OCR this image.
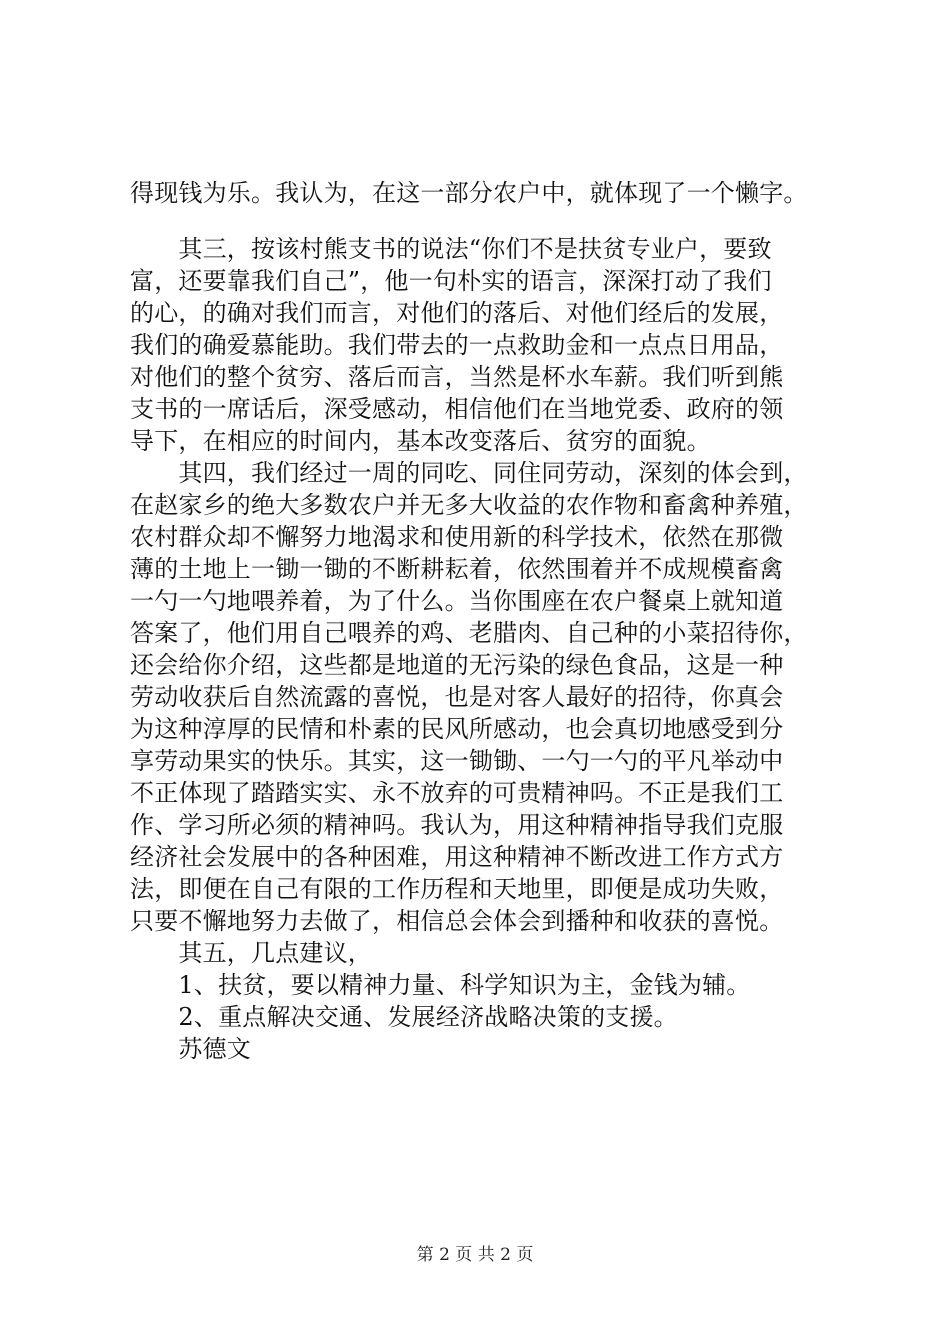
得现钱为乐。我认为，在这一部分农户中，就体现了一个懒字。
　　其三，按该村熊支书的说法“你们不是扶贫专业户，要致
富，还要靠我们自己”，他一句朴实的语言，深深打动了我们
的心，的确对我们而言，对他们的落后、对他们经后的发展，
我们的确爱慕能助。我们带去的一点救助金和一点点日用品，
对他们的整个贫穷、落后而言，当然是杯水车薪。我们听到熊
支书的一席话后，深受感动，相信他们在当地党委、政府的领
导下，在相应的时间内，基本改变落后、贫穷的面貌。
　　其四，我们经过一周的同吃、同住同劳动，深刻的体会到，
在赵家乡的绝大多数农户并无多大收益的农作物和畜禽种养殖，
农村群众却不懈努力地渴求和使用新的科学技术，依然在那微
薄的土地上一锄一锄的不断耕耘着，依然围着并不成规模畜禽
一勺一勺地喂养着，为了什么。当你围座在农户餐桌上就知道
答案了，他们用自己喂养的鸡、老腊肉、自己种的小菜招待你，
还会给你介绍，这些都是地道的无污染的绿色食品，这是一种
劳动收获后自然流露的喜悦，也是对客人最好的招待，你真会
为这种淳厚的民情和朴素的民风所感动，也会真切地感受到分
享劳动果实的快乐。其实，这一锄锄、一勺一勺的平凡举动中
不正体现了踏踏实实、永不放弃的可贵精神吗。不正是我们工
作、学习所必须的精神吗。我认为，用这种精神指导我们克服
经济社会发展中的各种困难，用这种精神不断改进工作方式方
法，即便在自己有限的工作历程和天地里，即便是成功失败，
只要不懈地努力去做了，相信总会体会到播种和收获的喜悦。
　　其五，几点建议，
　　1、扶贫，要以精神力量、科学知识为主，金钱为辅。
　　2、重点解决交通、发展经济战略决策的支援。
　　苏德文
第 2 页 共 2 页
